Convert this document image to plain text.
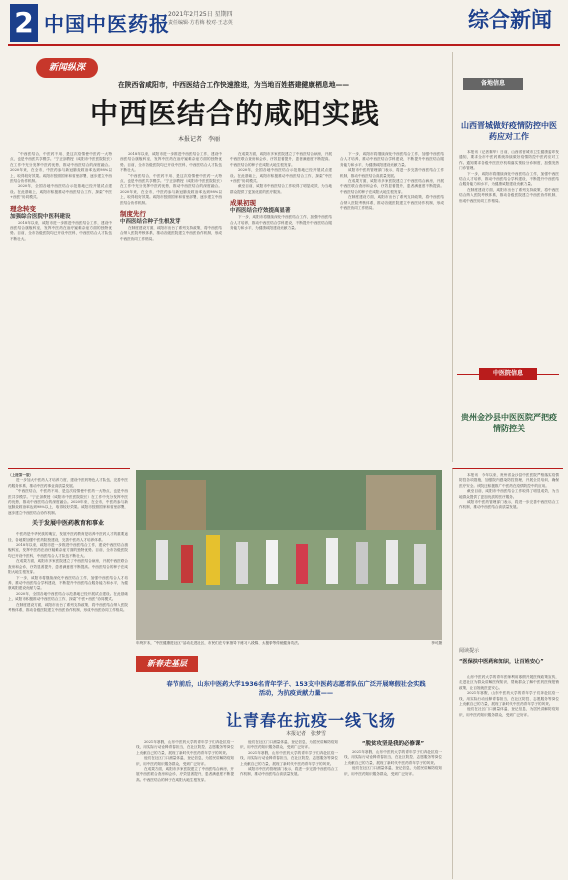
2 中国中医药报
2021年2月25日 星期四
责任编辑·方若梅 校对·王志英	综合新闻
新闻纵深
在陕西省咸阳市，中西医结合工作快速推进，为当地百姓搭建健康栖息地——
中西医结合的咸阳实践
本报记者　李丽

“中西医结合，中医药不用、是这次疫情使中医药一大特点，也是中西医共享模学。”宁正剑教授（咸阳市中医医院院长）在工作中充分发挥中医药优势，推动中西医结合的深度融合。2020年来，在全市，中医药参与新冠肺炎救治率达到98%以上，取得较好效果。咸阳市按照国家和省里部署，逐步建立中西医结合协作机制。

2020年，全国各地中西医结合示范基地已经开展试点建设。在此基础上，咸阳市积极推动中西医结合工作，探索“中医+西医”协同模式。

理念转变
加强综合医院中医科建设

2018年以来，咸阳市进一步推进中西医结合工作，建设中西医结合旗舰科室，发挥中医药在治疗疑难杂症方面的独特优势。目前，全市各级医院均已开设中医科，中西医结合人才队伍不断壮大。

2018年以来，咸阳市进一步推进中西医结合工作，建设中西医结合旗舰科室，发挥中医药在治疗疑难杂症方面的独特优势。目前，全市各级医院均已开设中医科，中西医结合人才队伍不断壮大。

“中西医结合，中医药不用、是这次疫情使中医药一大特点，也是中西医共享模学。”宁正剑教授（咸阳市中医医院院长）在工作中充分发挥中医药优势，推动中西医结合的深度融合。2020年来，在全市，中医药参与新冠肺炎救治率达到98%以上，取得较好效果。咸阳市按照国家和省里部署，逐步建立中西医结合协作机制。

制度先行
中西医结合种子生根发芽

在制度建设方面，咸阳市出台了系列支持政策，将中西医结合纳入医院考核体系，推动各级医院建立中西医协作机制，形成中西医协同工作格局。

在成果方面，咸阳市多家医院建立了中西医结合病房，开展中西医联合查房和会诊，疗效显著提升，患者满意度不断提高。中西医结合的种子在咸阳大地生根发芽。

2020年，全国各地中西医结合示范基地已经开展试点建设。在此基础上，咸阳市积极推动中西医结合工作，探索“中医+西医”协同模式。

截至目前，咸阳市中西医结合工作取得了明显成效，为当地群众提供了更加优质的医疗服务。

成果初现
中西医结合疗效提高显著

下一步，咸阳市将继续深化中西医结合工作，加强中西医结合人才培养，推动中西医结合学科建设，不断提升中西医结合服务能力和水平，为健康咸阳建设贡献力量。

下一步，咸阳市将继续深化中西医结合工作，加强中西医结合人才培养，推动中西医结合学科建设，不断提升中西医结合服务能力和水平，为健康咸阳建设贡献力量。

咸阳市中医药管理部门表示，将进一步完善中西医结合工作机制，推动中西医结合高质量发展。

在成果方面，咸阳市多家医院建立了中西医结合病房，开展中西医联合查房和会诊，疗效显著提升，患者满意度不断提高。中西医结合的种子在咸阳大地生根发芽。

在制度建设方面，咸阳市出台了系列支持政策，将中西医结合纳入医院考核体系，推动各级医院建立中西医协作机制，形成中西医协同工作格局。

备地信息
山西晋城做好疫情防控中医药应对工作

本报讯（记者秦华）日前，山西省晋城市卫生健康委印发通知，要求全市中医药系统持续做好疫情防控中医药应对工作。通知要求各级中医医疗机构落实预检分诊制度，加强发热门诊管理。

下一步，咸阳市将继续深化中西医结合工作，加强中西医结合人才培养，推动中西医结合学科建设，不断提升中西医结合服务能力和水平，为健康咸阳建设贡献力量。

在制度建设方面，咸阳市出台了系列支持政策，将中西医结合纳入医院考核体系，推动各级医院建立中西医协作机制，形成中西医协同工作格局。

中医院信息
贵州金沙县中医医院严把疫情防控关

（上接第一版）

进一步加大中医药人才培养力度，建设中医药特色人才队伍，完善中医药服务体系，推动中医药事业高质量发展。

“中西医结合，中医药不用、是这次疫情使中医药一大特点，也是中西医共享模学。”宁正剑教授（咸阳市中医医院院长）在工作中充分发挥中医药优势，推动中西医结合的深度融合。2020年来，在全市，中医药参与新冠肺炎救治率达到98%以上，取得较好效果。咸阳市按照国家和省里部署，逐步建立中西医结合协作机制。

关于发展中医药教育和事业

中医药是中华民族的瑰宝，发展中医药教育是培养中医药人才的重要途径，各地要加强中医药院校建设，完善中医药人才培养体系。

2018年以来，咸阳市进一步推进中西医结合工作，建设中西医结合旗舰科室，发挥中医药在治疗疑难杂症方面的独特优势。目前，全市各级医院均已开设中医科，中西医结合人才队伍不断壮大。

在成果方面，咸阳市多家医院建立了中西医结合病房，开展中西医联合查房和会诊，疗效显著提升，患者满意度不断提高。中西医结合的种子在咸阳大地生根发芽。

下一步，咸阳市将继续深化中西医结合工作，加强中西医结合人才培养，推动中西医结合学科建设，不断提升中西医结合服务能力和水平，为健康咸阳建设贡献力量。

2020年，全国各地中西医结合示范基地已经开展试点建设。在此基础上，咸阳市积极推动中西医结合工作，探索“中医+西医”协同模式。

在制度建设方面，咸阳市出台了系列支持政策，将中西医结合纳入医院考核体系，推动各级医院建立中西医协作机制，形成中西医协同工作格局。

年终岁末，“中医健康进社区”活动走进社区，市民们在专家指导下练习八段锦、太极拳等传统健身功法。	李可摄

本报讯　今年以来，贵州省金沙县中医医院严格落实疫情防控各项措施，加强院内感染防控管理，开展全员培训，确保医疗安全。该院还积极推广中医药在疫情防控中的应用。

截至目前，咸阳市中西医结合工作取得了明显成效，为当地群众提供了更加优质的医疗服务。

咸阳市中医药管理部门表示，将进一步完善中西医结合工作机制，推动中西医结合高质量发展。

阅读提示
“医保扶中医药和知识，让百姓安心”

山东中医药大学的青年医师利用寒假开展医保政策宣传，走进社区为群众讲解医保知识，帮助群众了解中医药医保报销政策，让百姓就医更安心。

2021年寒假，山东中医药大学的青年学子们奔赴抗疫一线，用实际行动诠释青春担当，在社区防控、志愿服务等岗位上贡献自己的力量，展现了新时代中医药青年学子的风采。

他们在社区门口测量体温、登记信息，为居民讲解防疫知识，用中医药知识服务群众，受到广泛好评。

新春走基层
春节前后，山东中医药大学1936名青年学子、153支中医药志愿者队伍广泛开展寒假社会实践活动，为抗疫贡献力量——
让青春在抗疫一线飞扬
本报记者　张梦雪

2021年寒假，山东中医药大学的青年学子们奔赴抗疫一线，用实际行动诠释青春担当，在社区防控、志愿服务等岗位上贡献自己的力量，展现了新时代中医药青年学子的风采。

他们在社区门口测量体温、登记信息，为居民讲解防疫知识，用中医药知识服务群众，受到广泛好评。

在成果方面，咸阳市多家医院建立了中西医结合病房，开展中西医联合查房和会诊，疗效显著提升，患者满意度不断提高。中西医结合的种子在咸阳大地生根发芽。

他们在社区门口测量体温、登记信息，为居民讲解防疫知识，用中医药知识服务群众，受到广泛好评。

2021年寒假，山东中医药大学的青年学子们奔赴抗疫一线，用实际行动诠释青春担当，在社区防控、志愿服务等岗位上贡献自己的力量，展现了新时代中医药青年学子的风采。

咸阳市中医药管理部门表示，将进一步完善中西医结合工作机制，推动中西医结合高质量发展。

“脱贫攻坚是我的必修课”

2021年寒假，山东中医药大学的青年学子们奔赴抗疫一线，用实际行动诠释青春担当，在社区防控、志愿服务等岗位上贡献自己的力量，展现了新时代中医药青年学子的风采。

他们在社区门口测量体温、登记信息，为居民讲解防疫知识，用中医药知识服务群众，受到广泛好评。
